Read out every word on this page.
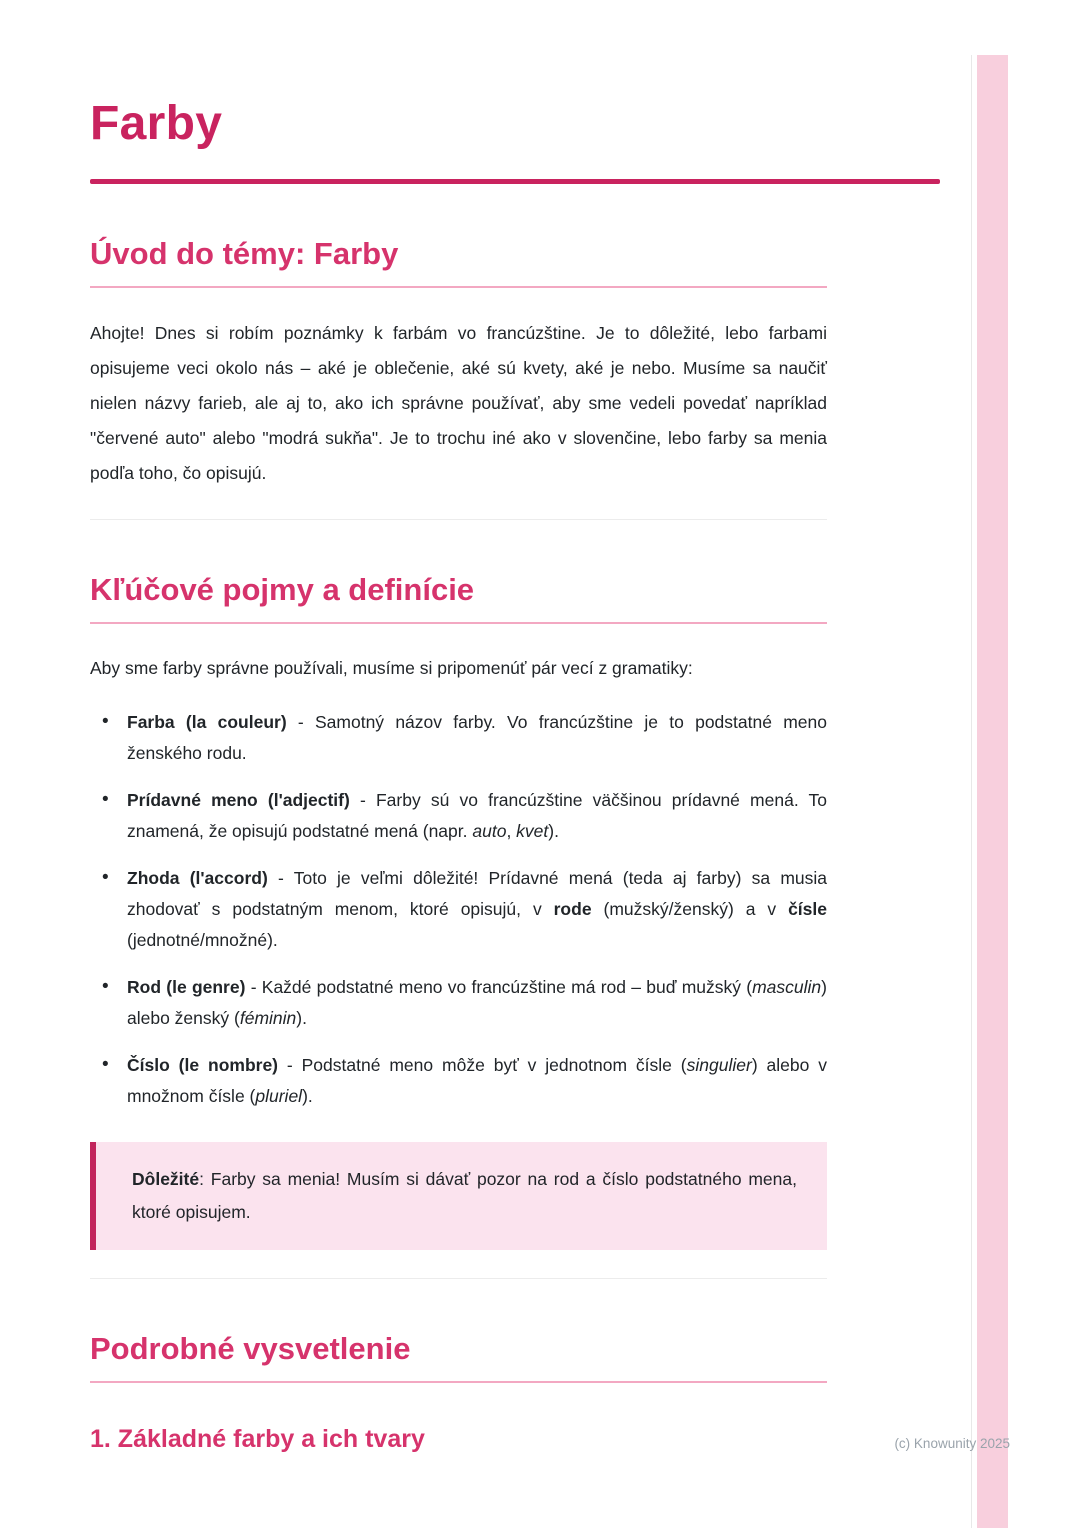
Farby
Úvod do témy: Farby

Ahojte! Dnes si robím poznámky k farbám vo francúzštine. Je to dôležité, lebo farbami opisujeme veci okolo nás – aké je oblečenie, aké sú kvety, aké je nebo. Musíme sa naučiť nielen názvy farieb, ale aj to, ako ich správne používať, aby sme vedeli povedať napríklad "červené auto" alebo "modrá sukňa". Je to trochu iné ako v slovenčine, lebo farby sa menia podľa toho, čo opisujú.

Kľúčové pojmy a definície

Aby sme farby správne používali, musíme si pripomenúť pár vecí z gramatiky:

• Farba (la couleur) - Samotný názov farby. Vo francúzštine je to podstatné meno ženského rodu.
• Prídavné meno (l'adjectif) - Farby sú vo francúzštine väčšinou prídavné mená. To znamená, že opisujú podstatné mená (napr. auto, kvet).
• Zhoda (l'accord) - Toto je veľmi dôležité! Prídavné mená (teda aj farby) sa musia zhodovať s podstatným menom, ktoré opisujú, v rode (mužský/ženský) a v čísle (jednotné/množné).
• Rod (le genre) - Každé podstatné meno vo francúzštine má rod – buď mužský (masculin) alebo ženský (féminin).
• Číslo (le nombre) - Podstatné meno môže byť v jednotnom čísle (singulier) alebo v množnom čísle (pluriel).

Dôležité: Farby sa menia! Musím si dávať pozor na rod a číslo podstatného mena, ktoré opisujem.

Podrobné vysvetlenie
1. Základné farby a ich tvary	(c) Knowunity 2025
